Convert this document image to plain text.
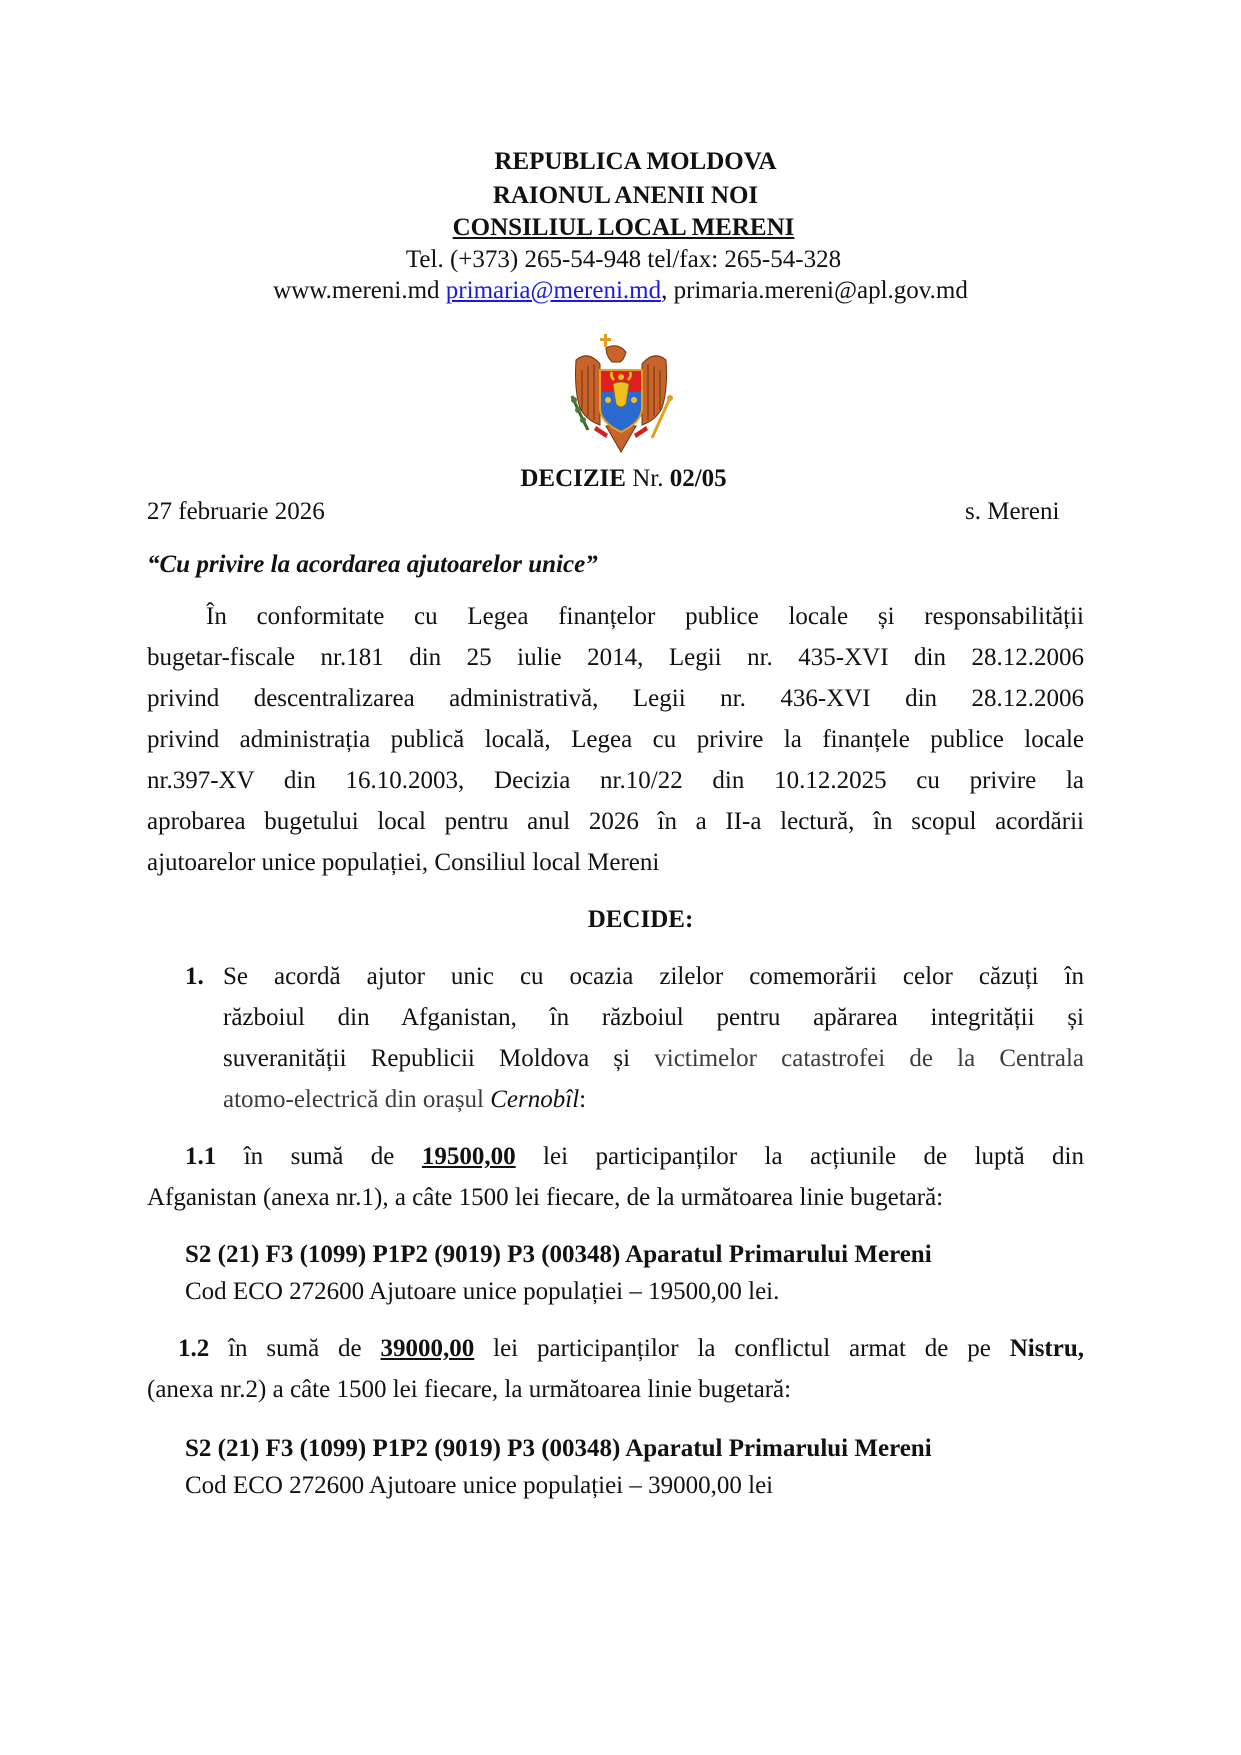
REPUBLICA MOLDOVA
RAIONUL ANENII NOI
CONSILIUL LOCAL MERENI
Tel. (+373) 265-54-948 tel/fax: 265-54-328
www.mereni.md primaria@mereni.md, primaria.mereni@apl.gov.md
DECIZIE Nr. 02/05
27 februarie 2026	s. Mereni
“Cu privire la acordarea ajutoarelor unice”
În conformitate cu Legea finanțelor publice locale și responsabilității
bugetar-fiscale nr.181 din 25 iulie 2014, Legii nr. 435-XVI din 28.12.2006
privind descentralizarea administrativă, Legii nr. 436-XVI din 28.12.2006
privind administrația publică locală, Legea cu privire la finanțele publice locale
nr.397-XV din 16.10.2003, Decizia nr.10/22 din 10.12.2025 cu privire la
aprobarea bugetului local pentru anul 2026 în a II-a lectură, în scopul acordării
ajutoarelor unice populației, Consiliul local Mereni
DECIDE:
1. Se acordă ajutor unic cu ocazia zilelor comemorării celor căzuți în
războiul din Afganistan, în războiul pentru apărarea integrității și
suveranității Republicii Moldova și victimelor catastrofei de la Centrala
atomo-electrică din orașul Cernobîl:
1.1 în sumă de 19500,00 lei participanților la acțiunile de luptă din
Afganistan (anexa nr.1), a câte 1500 lei fiecare, de la următoarea linie bugetară:
S2 (21) F3 (1099) P1P2 (9019) P3 (00348) Aparatul Primarului Mereni
Cod ECO 272600 Ajutoare unice populației – 19500,00 lei.
1.2 în sumă de 39000,00 lei participanților la conflictul armat de pe Nistru,
(anexa nr.2) a câte 1500 lei fiecare, la următoarea linie bugetară:
S2 (21) F3 (1099) P1P2 (9019) P3 (00348) Aparatul Primarului Mereni
Cod ECO 272600 Ajutoare unice populației – 39000,00 lei
